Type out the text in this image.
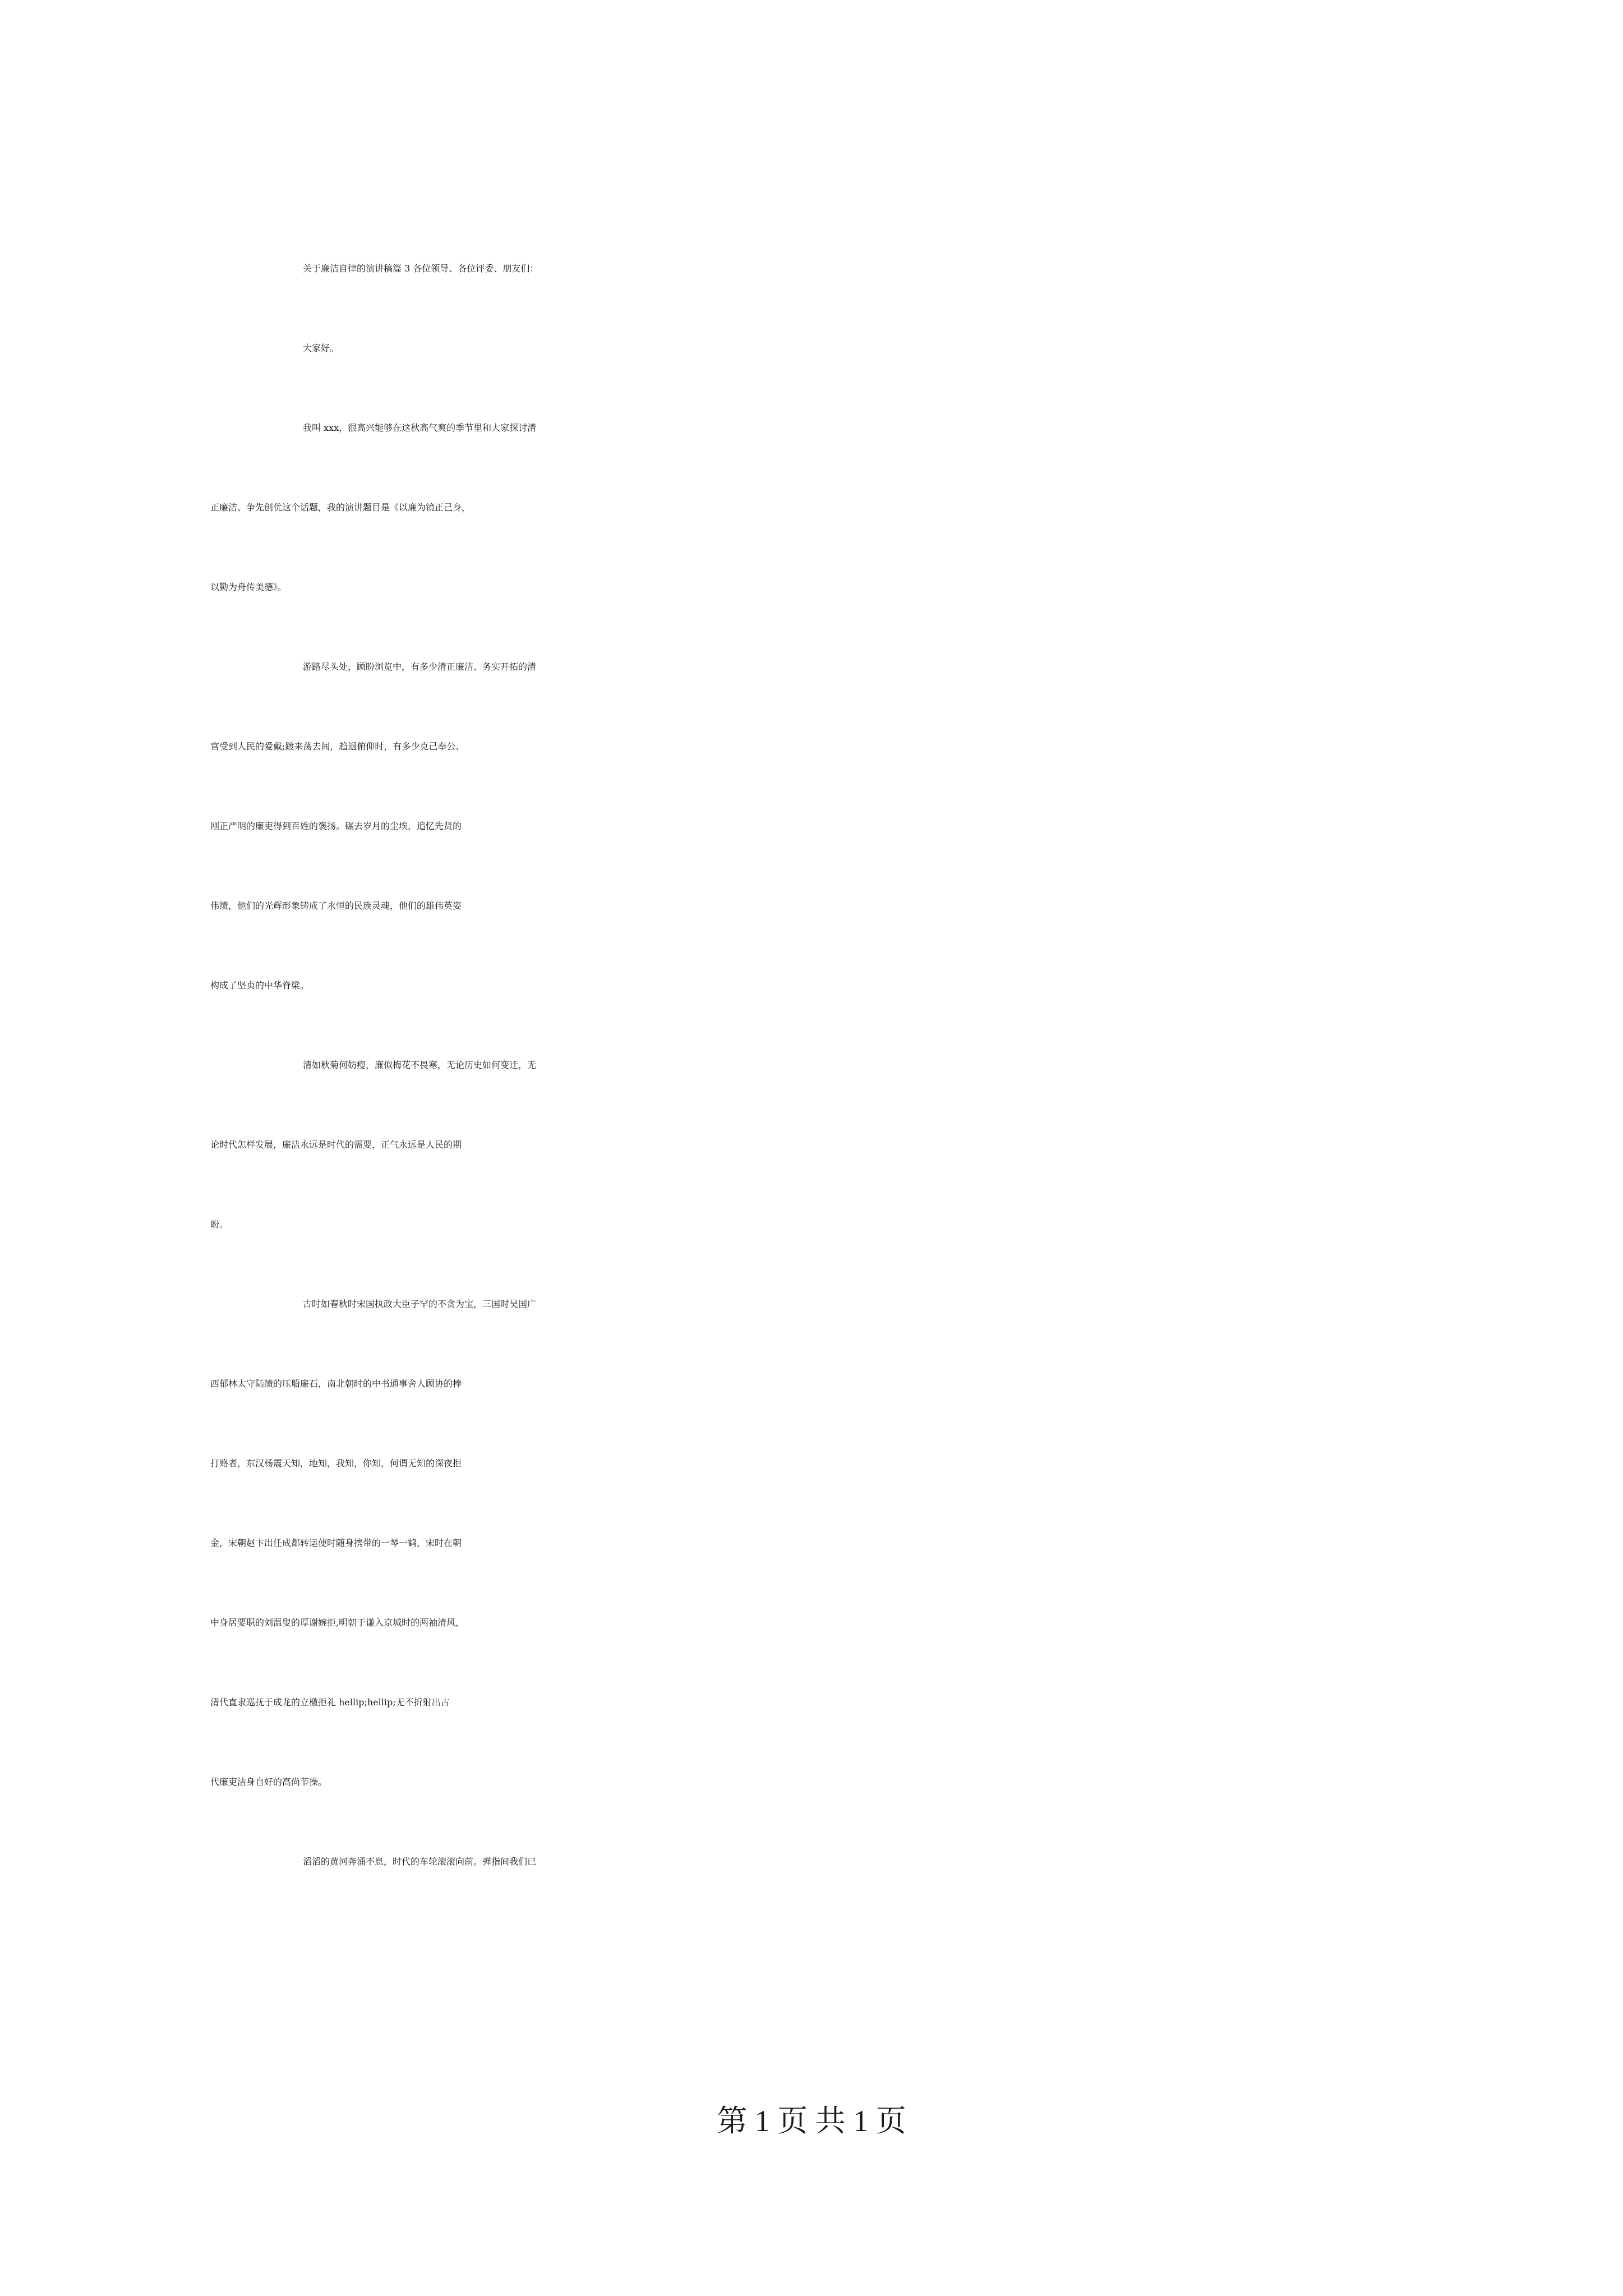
关于廉洁自律的演讲稿篇 3 各位领导、各位评委、朋友们：
大家好。
我叫 xxx，很高兴能够在这秋高气爽的季节里和大家探讨清
正廉洁、争先创优这个话题，我的演讲题目是《以廉为镜正己身，
以勤为舟传美德》。
游路尽头处，顾盼浏览中，有多少清正廉洁、务实开拓的清
官受到人民的爱戴;踱来荡去间，趋退俯仰时，有多少克己奉公、
刚正严明的廉吏得到百姓的褒扬。碾去岁月的尘埃，追忆先贤的
伟绩，他们的光辉形象铸成了永恒的民族灵魂，他们的雄伟英姿
构成了坚贞的中华脊梁。
清如秋菊何妨瘦，廉似梅花不畏寒，无论历史如何变迁，无
论时代怎样发展，廉洁永远是时代的需要，正气永远是人民的期
盼。
古时如春秋时宋国执政大臣子罕的不贪为宝，三国时吴国广
西郁林太守陆绩的压船廉石，南北朝时的中书通事舍人顾协的棒
打赂者，东汉杨震天知，地知，我知，你知，何谓无知的深夜拒
金，宋朝赵卞出任成都转运使时随身携带的一琴一鹤，宋时在朝
中身居要职的刘温叟的厚谢婉拒,明朝于谦入京城时的两袖清风，
清代直隶巡抚于成龙的立檄拒礼 hellip;hellip;无不折射出古
代廉吏洁身自好的高尚节操。
滔滔的黄河奔涌不息，时代的车轮滚滚向前。弹指间我们已
第 1 页 共 1 页
